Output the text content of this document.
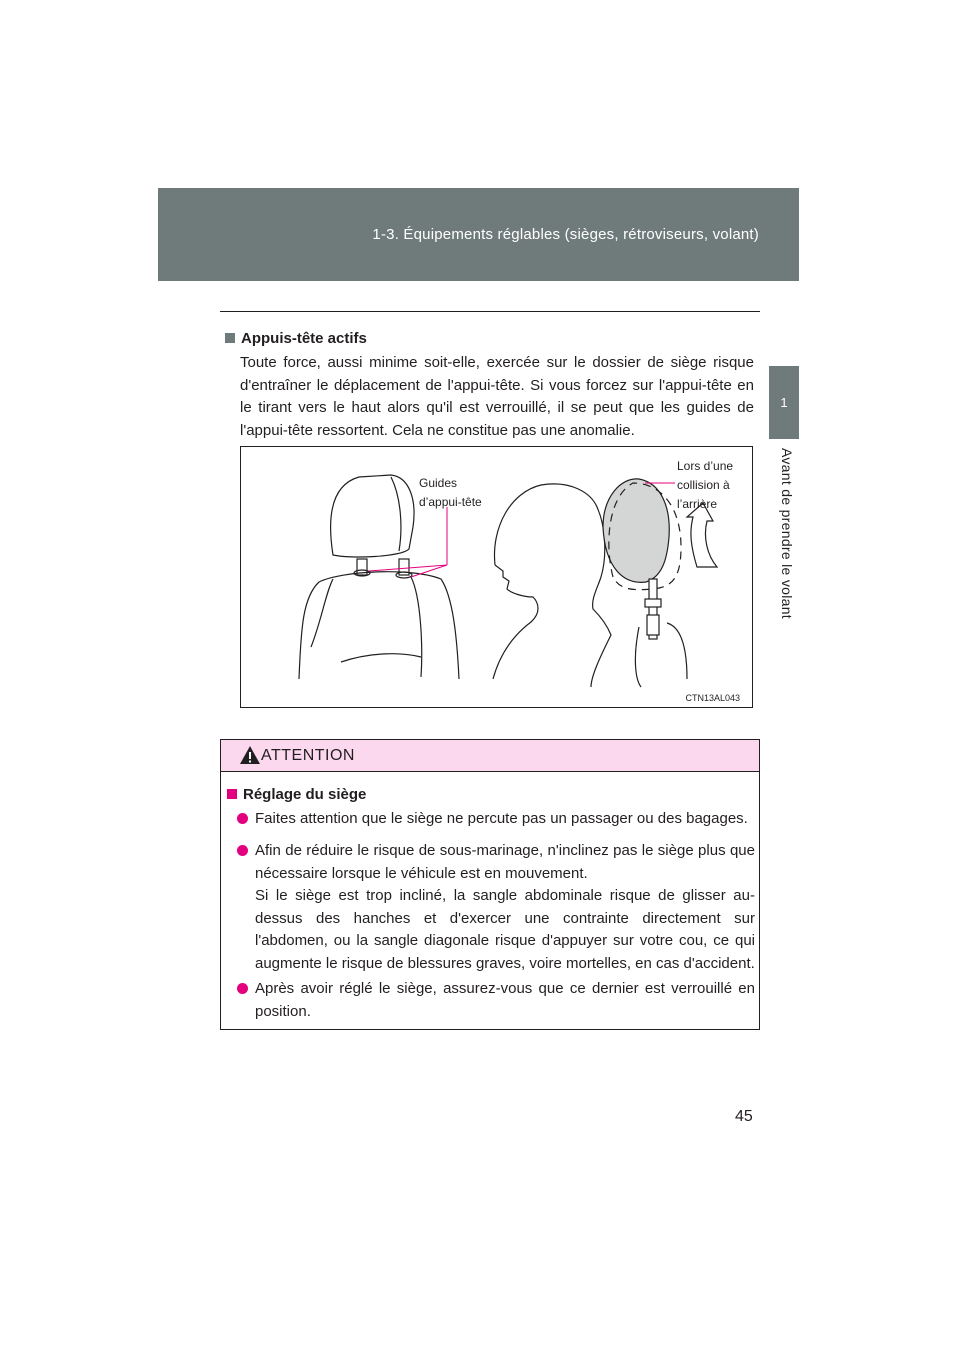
1-3. Équipements réglables (sièges, rétroviseurs, volant)
1
Avant de prendre le volant
Appuis-tête actifs

Toute force, aussi minime soit-elle, exercée sur le dossier de siège risque d'entraîner le déplacement de l'appui-tête. Si vous forcez sur l'appui-tête en le tirant vers le haut alors qu'il est verrouillé, il se peut que les guides de l'appui-tête ressortent. Cela ne constitue pas une anomalie.

Guides
d’appui-tête
Lors d’une
collision à
l’arrière
CTN13AL043
ATTENTION
Réglage du siège
Faites attention que le siège ne percute pas un passager ou des bagages.
Afin de réduire le risque de sous-marinage, n'inclinez pas le siège plus que nécessaire lorsque le véhicule est en mouvement.
Si le siège est trop incliné, la sangle abdominale risque de glisser au-dessus des hanches et d'exercer une contrainte directement sur l'abdomen, ou la sangle diagonale risque d'appuyer sur votre cou, ce qui augmente le risque de blessures graves, voire mortelles, en cas d'accident.
Après avoir réglé le siège, assurez-vous que ce dernier est verrouillé en position.
45
